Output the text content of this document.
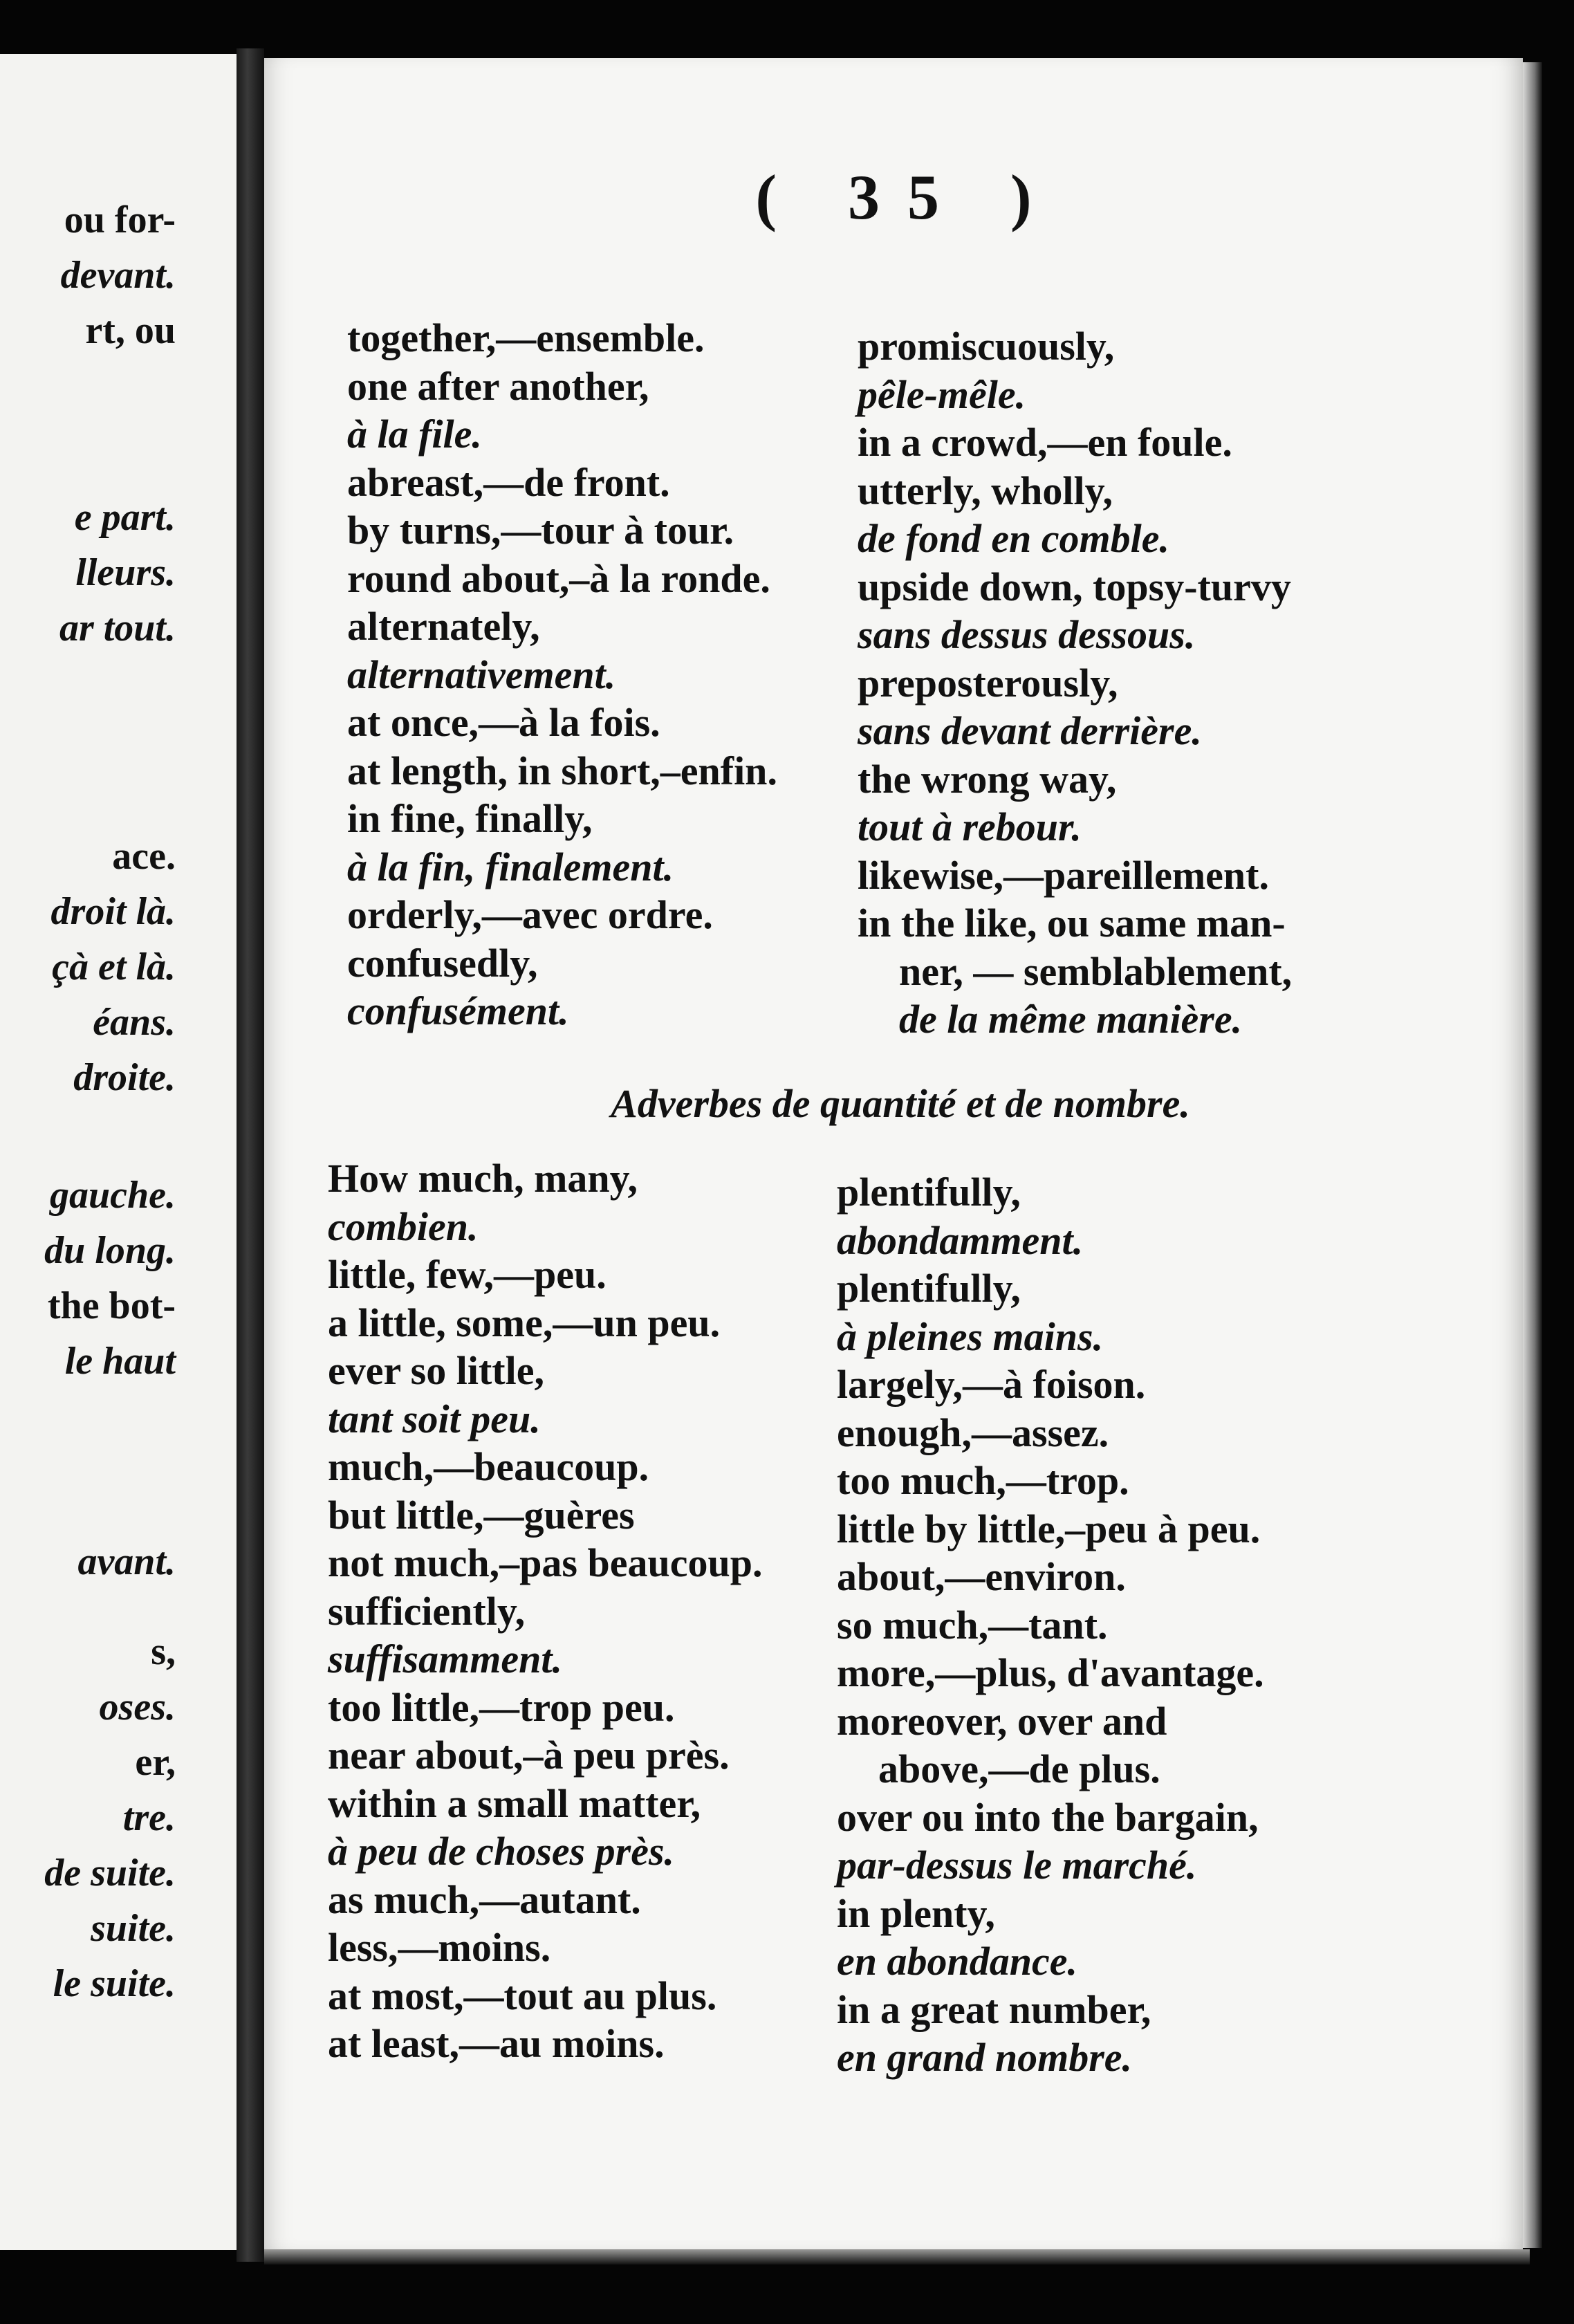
ou for-
devant.
rt, ou
e part.
lleurs.
ar tout.
ace.
droit là.
çà et là.
éans.
droite.
gauche.
du long.
the bot-
le haut
avant.
s,
oses.
er,
tre.
de suite.
suite.
le suite.
( 35 )
together,—ensemble.
one after another,
à la file.
abreast,—de front.
by turns,—tour à tour.
round about,–à la ronde.
alternately,
alternativement.
at once,—à la fois.
at length, in short,–enfin.
in fine, finally,
à la fin, finalement.
orderly,—avec ordre.
confusedly,
confusément.
promiscuously,
pêle-mêle.
in a crowd,—en foule.
utterly, wholly,
de fond en comble.
upside down, topsy-turvy
sans dessus dessous.
preposterously,
sans devant derrière.
the wrong way,
tout à rebour.
likewise,—pareillement.
in the like, ou same man-
ner, — semblablement,
de la même manière.
Adverbes de quantité et de nombre.
How much, many,
combien.
little, few,—peu.
a little, some,—un peu.
ever so little,
tant soit peu.
much,—beaucoup.
but little,—guères
not much,–pas beaucoup.
sufficiently,
suffisamment.
too little,—trop peu.
near about,–à peu près.
within a small matter,
à peu de choses près.
as much,—autant.
less,—moins.
at most,—tout au plus.
at least,—au moins.
plentifully,
abondamment.
plentifully,
à pleines mains.
largely,—à foison.
enough,—assez.
too much,—trop.
little by little,–peu à peu.
about,—environ.
so much,—tant.
more,—plus, d'avantage.
moreover, over and
above,—de plus.
over ou into the bargain,
par-dessus le marché.
in plenty,
en abondance.
in a great number,
en grand nombre.
